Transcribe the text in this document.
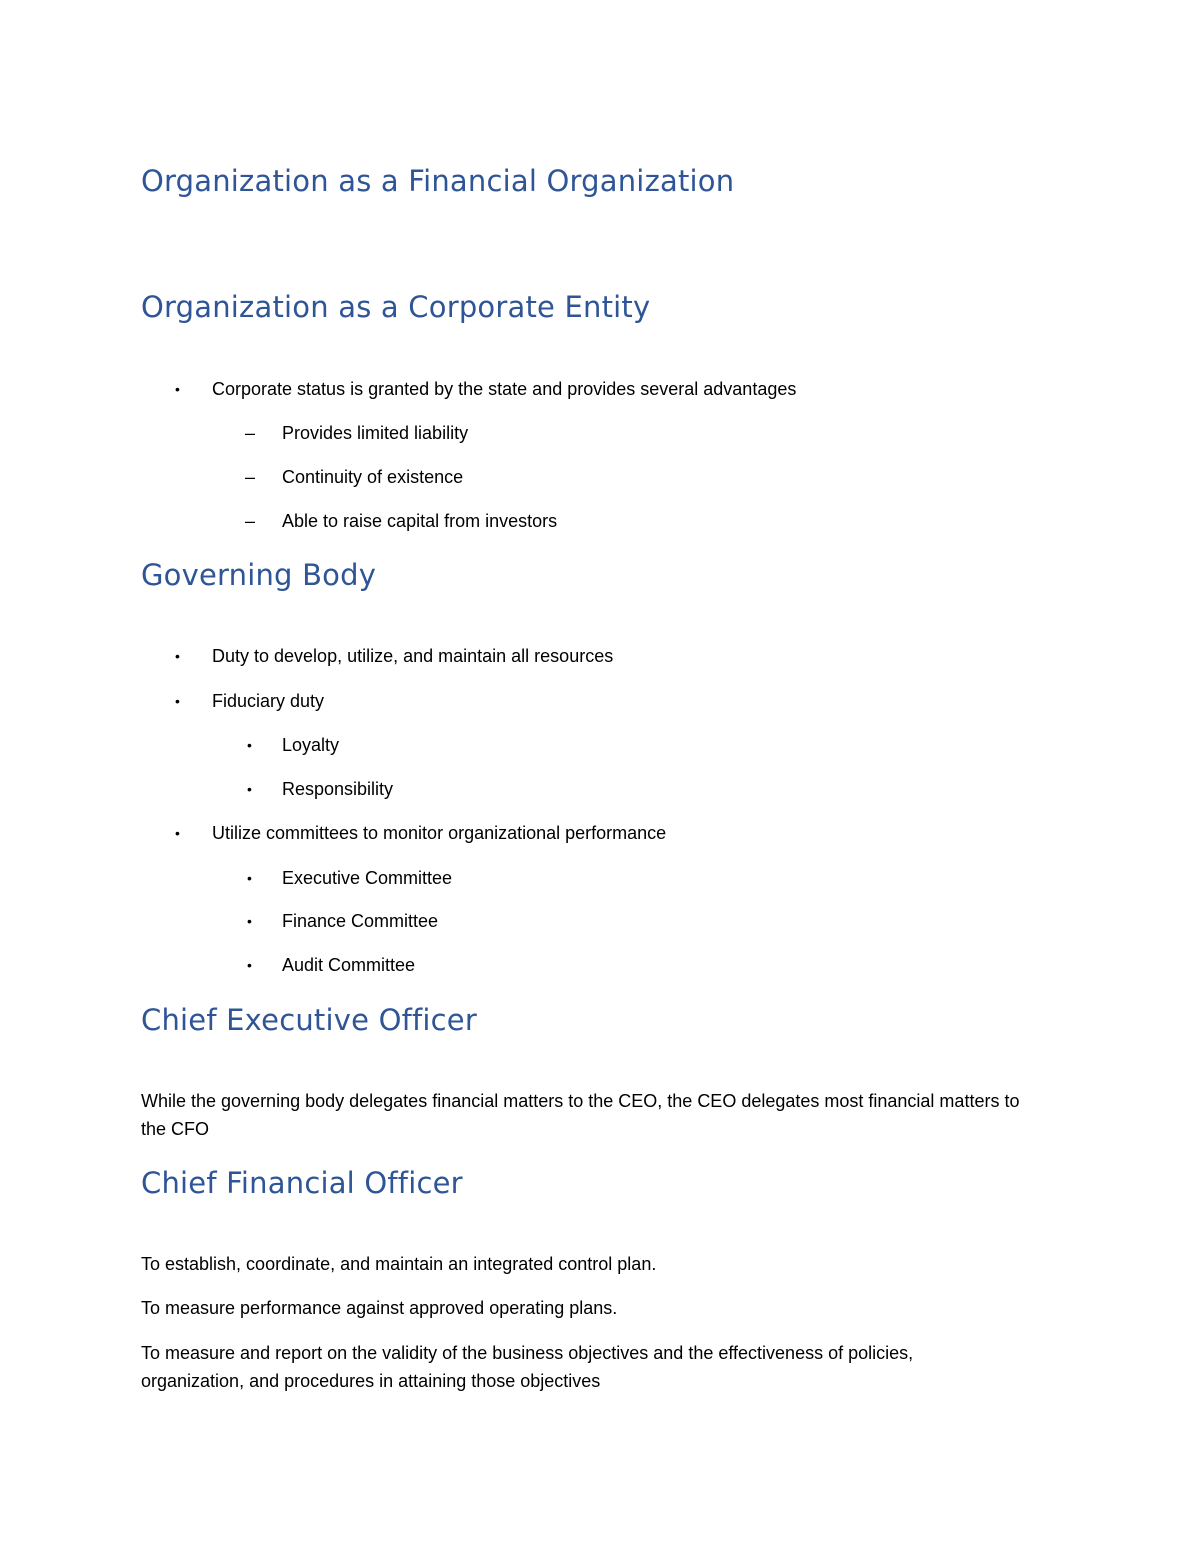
Organization as a Financial Organization
Organization as a Corporate Entity
• Corporate status is granted by the state and provides several advantages
– Provides limited liability
– Continuity of existence
– Able to raise capital from investors
Governing Body
• Duty to develop, utilize, and maintain all resources
• Fiduciary duty
• Loyalty
• Responsibility
• Utilize committees to monitor organizational performance
• Executive Committee
• Finance Committee
• Audit Committee
Chief Executive Officer
While the governing body delegates financial matters to the CEO, the CEO delegates most financial matters to the CFO
Chief Financial Officer
To establish, coordinate, and maintain an integrated control plan.
To measure performance against approved operating plans.
To measure and report on the validity of the business objectives and the effectiveness of policies, organization, and procedures in attaining those objectives
